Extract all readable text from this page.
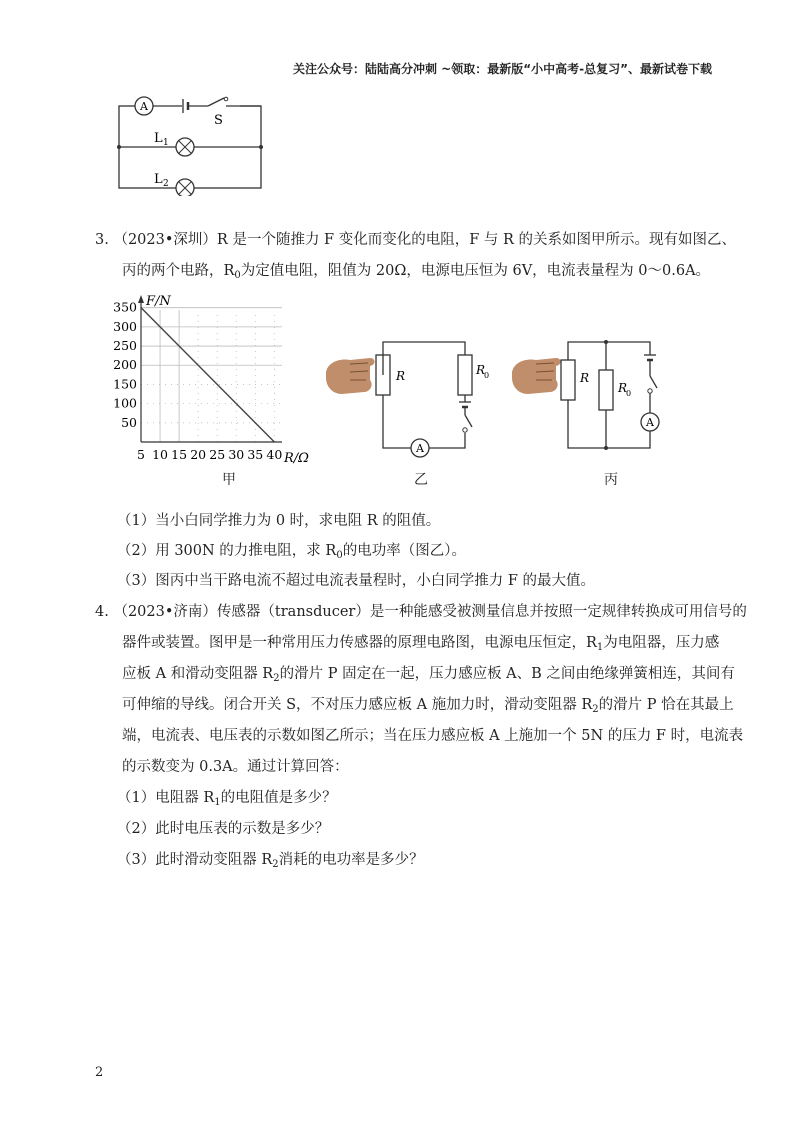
关注公众号：陆陆高分冲刺 ~领取：最新版“小中高考-总复习”、最新试卷下载
A
S
L 1
L 2
3. （2023•深圳）R 是一个随推力 F 变化而变化的电阻，F 与 R 的关系如图甲所示。现有如图乙、
丙的两个电路，$R_0$为定值电阻，阻值为 20Ω，电源电压恒为 6V，电流表量程为 0～0.6A。
50
100
150
200
250
300
350
5 10 15 20 25 30 35 40
F/N
R/Ω
甲
A
R	R
0
乙
A
R
R
0
丙
（1）当小白同学推力为 0 时，求电阻 R 的阻值。
（2）用 300N 的力推电阻，求 $R_0$的电功率（图乙）。
（3）图丙中当干路电流不超过电流表量程时，小白同学推力 F 的最大值。
4. （2023•济南）传感器（transducer）是一种能感受被测量信息并按照一定规律转换成可用信号的
器件或装置。图甲是一种常用压力传感器的原理电路图，电源电压恒定，$R_1$为电阻器，压力感
应板 A 和滑动变阻器 $R_2$的滑片 P 固定在一起，压力感应板 A、B 之间由绝缘弹簧相连，其间有
可伸缩的导线。闭合开关 S，不对压力感应板 A 施加力时，滑动变阻器 $R_2$的滑片 P 恰在其最上
端，电流表、电压表的示数如图乙所示；当在压力感应板 A 上施加一个 5N 的压力 F 时，电流表
的示数变为 0.3A。通过计算回答：
（1）电阻器 $R_1$的电阻值是多少？
（2）此时电压表的示数是多少？
（3）此时滑动变阻器 $R_2$消耗的电功率是多少？
2
